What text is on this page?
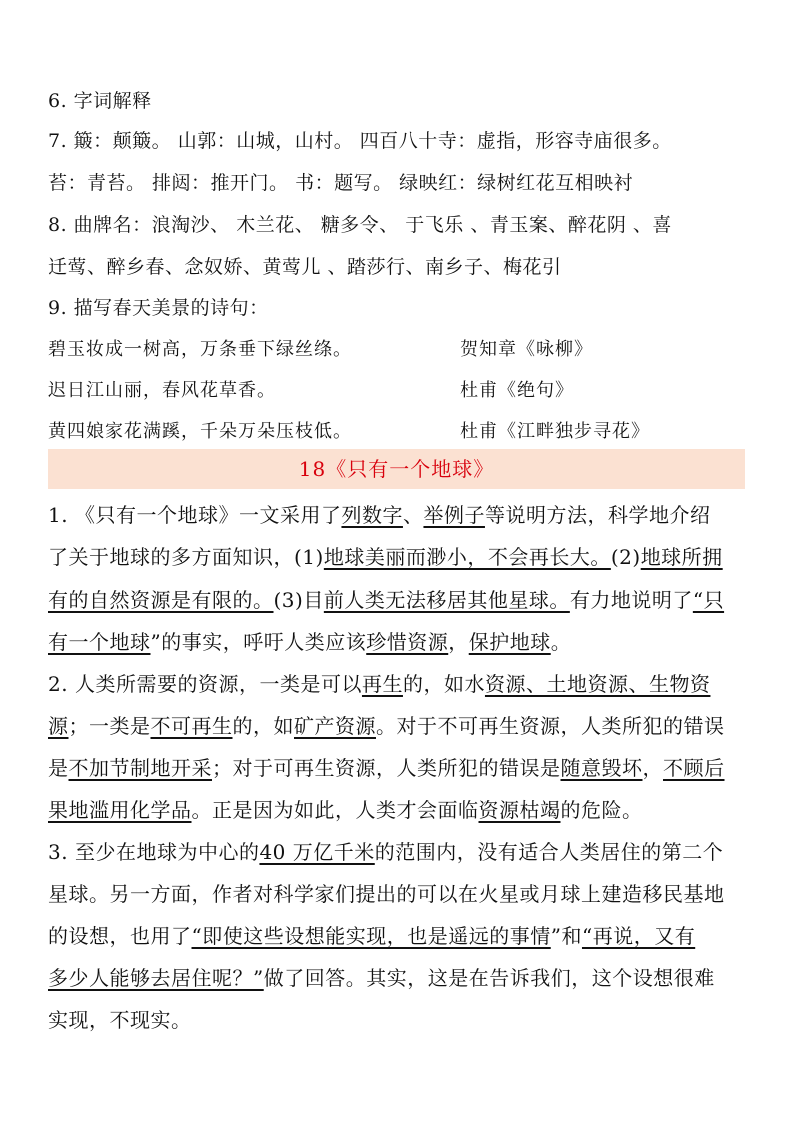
6. 字词解释
7. 簸：颠簸。 山郭：山城，山村。 四百八十寺：虚指，形容寺庙很多。
苔：青苔。 排闼：推开门。 书：题写。 绿映红：绿树红花互相映衬
8. 曲牌名：浪淘沙、 木兰花、 糖多令、 于飞乐 、青玉案、醉花阴 、喜
迁莺、醉乡春、念奴娇、黄莺儿 、踏莎行、南乡子、梅花引
9. 描写春天美景的诗句：
碧玉妆成一树高，万条垂下绿丝绦。	贺知章《咏柳》
迟日江山丽，春风花草香。	杜甫《绝句》
黄四娘家花满蹊，千朵万朵压枝低。	杜甫《江畔独步寻花》
18《只有一个地球》
1. 《只有一个地球》一文采用了列数字、举例子等说明方法，科学地介绍
了关于地球的多方面知识，(1)地球美丽而渺小，不会再长大。(2)地球所拥
有的自然资源是有限的。(3)目前人类无法移居其他星球。有力地说明了“只
有一个地球”的事实，呼吁人类应该珍惜资源，保护地球。
2. 人类所需要的资源，一类是可以再生的，如水资源、土地资源、生物资
源；一类是不可再生的，如矿产资源。对于不可再生资源，人类所犯的错误
是不加节制地开采；对于可再生资源，人类所犯的错误是随意毁坏，不顾后
果地滥用化学品。正是因为如此，人类才会面临资源枯竭的危险。
3. 至少在地球为中心的40 万亿千米的范围内，没有适合人类居住的第二个
星球。另一方面，作者对科学家们提出的可以在火星或月球上建造移民基地
的设想，也用了“即使这些设想能实现，也是遥远的事情”和“再说，又有
多少人能够去居住呢？”做了回答。其实，这是在告诉我们，这个设想很难
实现，不现实。
